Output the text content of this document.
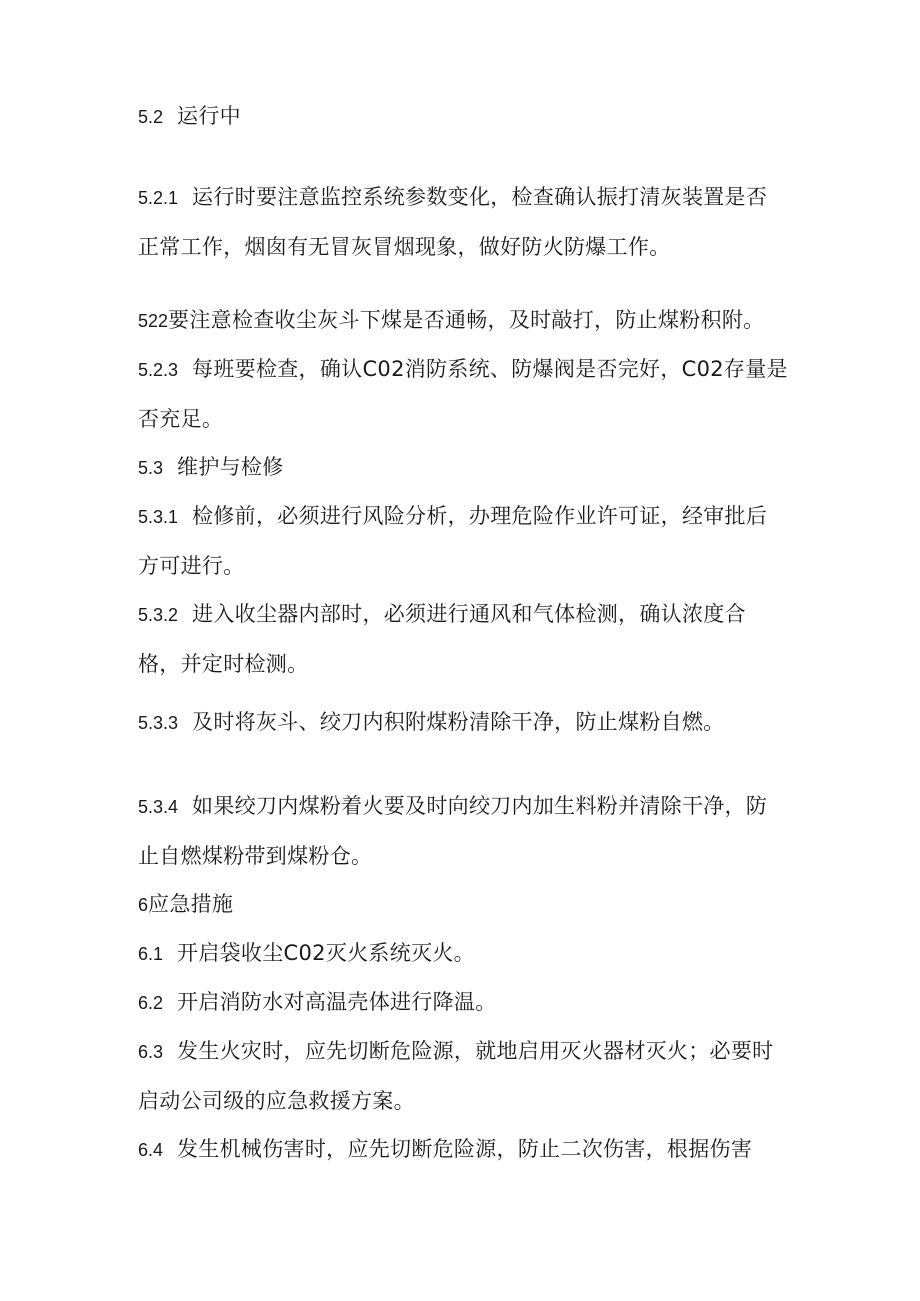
5.2 运行中

5.2.1 运行时要注意监控系统参数变化，检查确认振打清灰装置是否正常工作，烟囱有无冒灰冒烟现象，做好防火防爆工作。

522要注意检查收尘灰斗下煤是否通畅，及时敲打，防止煤粉积附。

5.2.3 每班要检查，确认C02消防系统、防爆阀是否完好，C02存量是否充足。

5.3 维护与检修

5.3.1 检修前，必须进行风险分析，办理危险作业许可证，经审批后方可进行。

5.3.2 进入收尘器内部时，必须进行通风和气体检测，确认浓度合格，并定时检测。

5.3.3 及时将灰斗、绞刀内积附煤粉清除干净，防止煤粉自燃。

5.3.4 如果绞刀内煤粉着火要及时向绞刀内加生料粉并清除干净，防止自燃煤粉带到煤粉仓。

6应急措施

6.1 开启袋收尘C02灭火系统灭火。

6.2 开启消防水对高温壳体进行降温。

6.3 发生火灾时，应先切断危险源，就地启用灭火器材灭火；必要时启动公司级的应急救援方案。

6.4 发生机械伤害时，应先切断危险源，防止二次伤害，根据伤害
